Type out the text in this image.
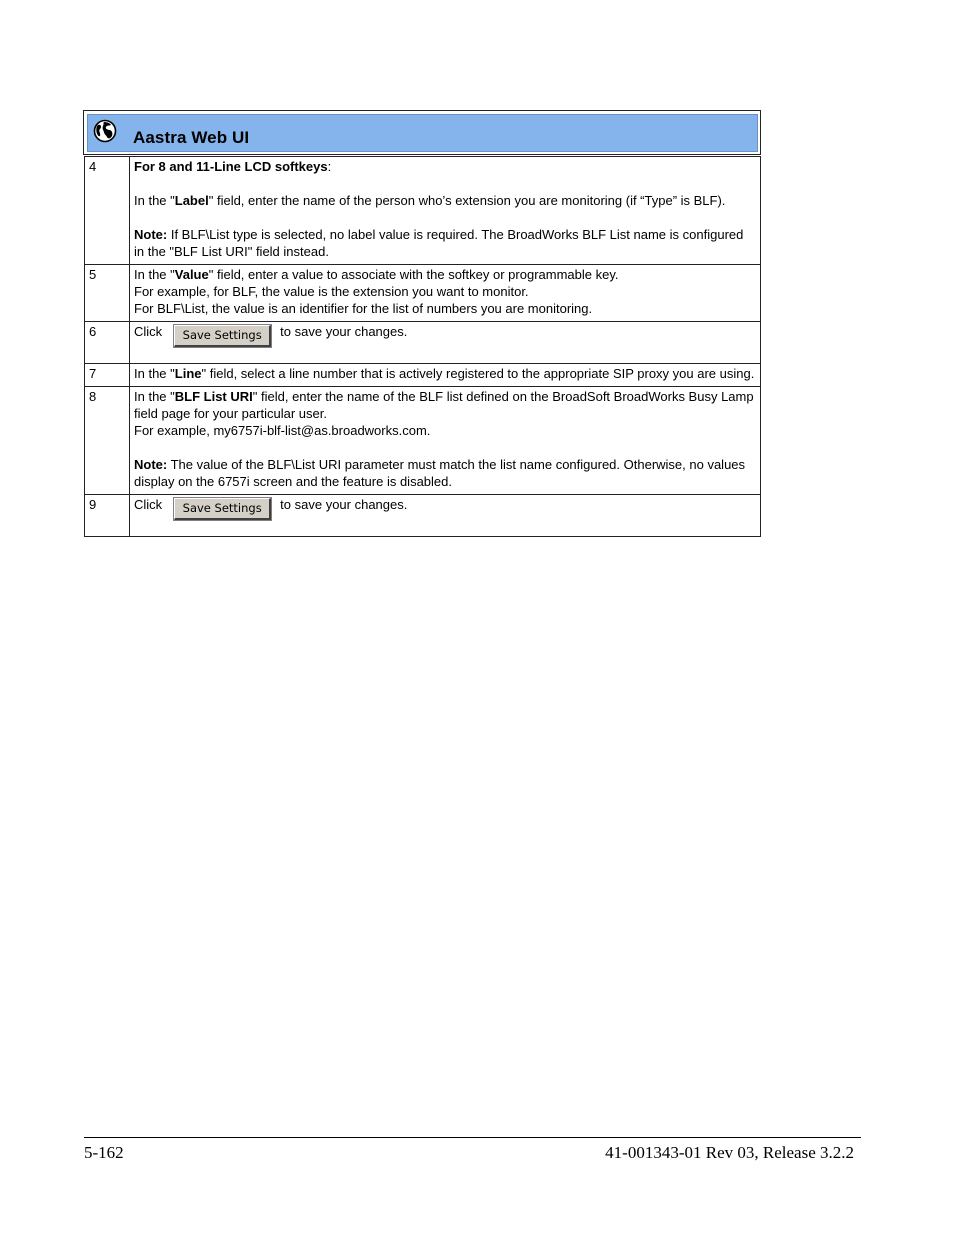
Aastra Web UI
4	For 8 and 11-Line LCD softkeys:
In the "Label" field, enter the name of the person who’s extension you are monitoring (if “Type” is BLF).
Note: If BLF\List type is selected, no label value is required. The BroadWorks BLF List name is configured in the "BLF List URI" field instead.

5	In the "Value" field, enter a value to associate with the softkey or programmable key.
For example, for BLF, the value is the extension you want to monitor.
For BLF\List, the value is an identifier for the list of numbers you are monitoring.

6	Click Save Settings to save your changes.
7	In the "Line" field, select a line number that is actively registered to the appropriate SIP proxy you are using.

8	In the "BLF List URI" field, enter the name of the BLF list defined on the BroadSoft BroadWorks Busy Lamp field page for your particular user.
For example, my6757i-blf-list@as.broadworks.com.
Note: The value of the BLF\List URI parameter must match the list name configured. Otherwise, no values display on the 6757i screen and the feature is disabled.

9	Click Save Settings to save your changes.
5-162	41-001343-01 Rev 03, Release 3.2.2
